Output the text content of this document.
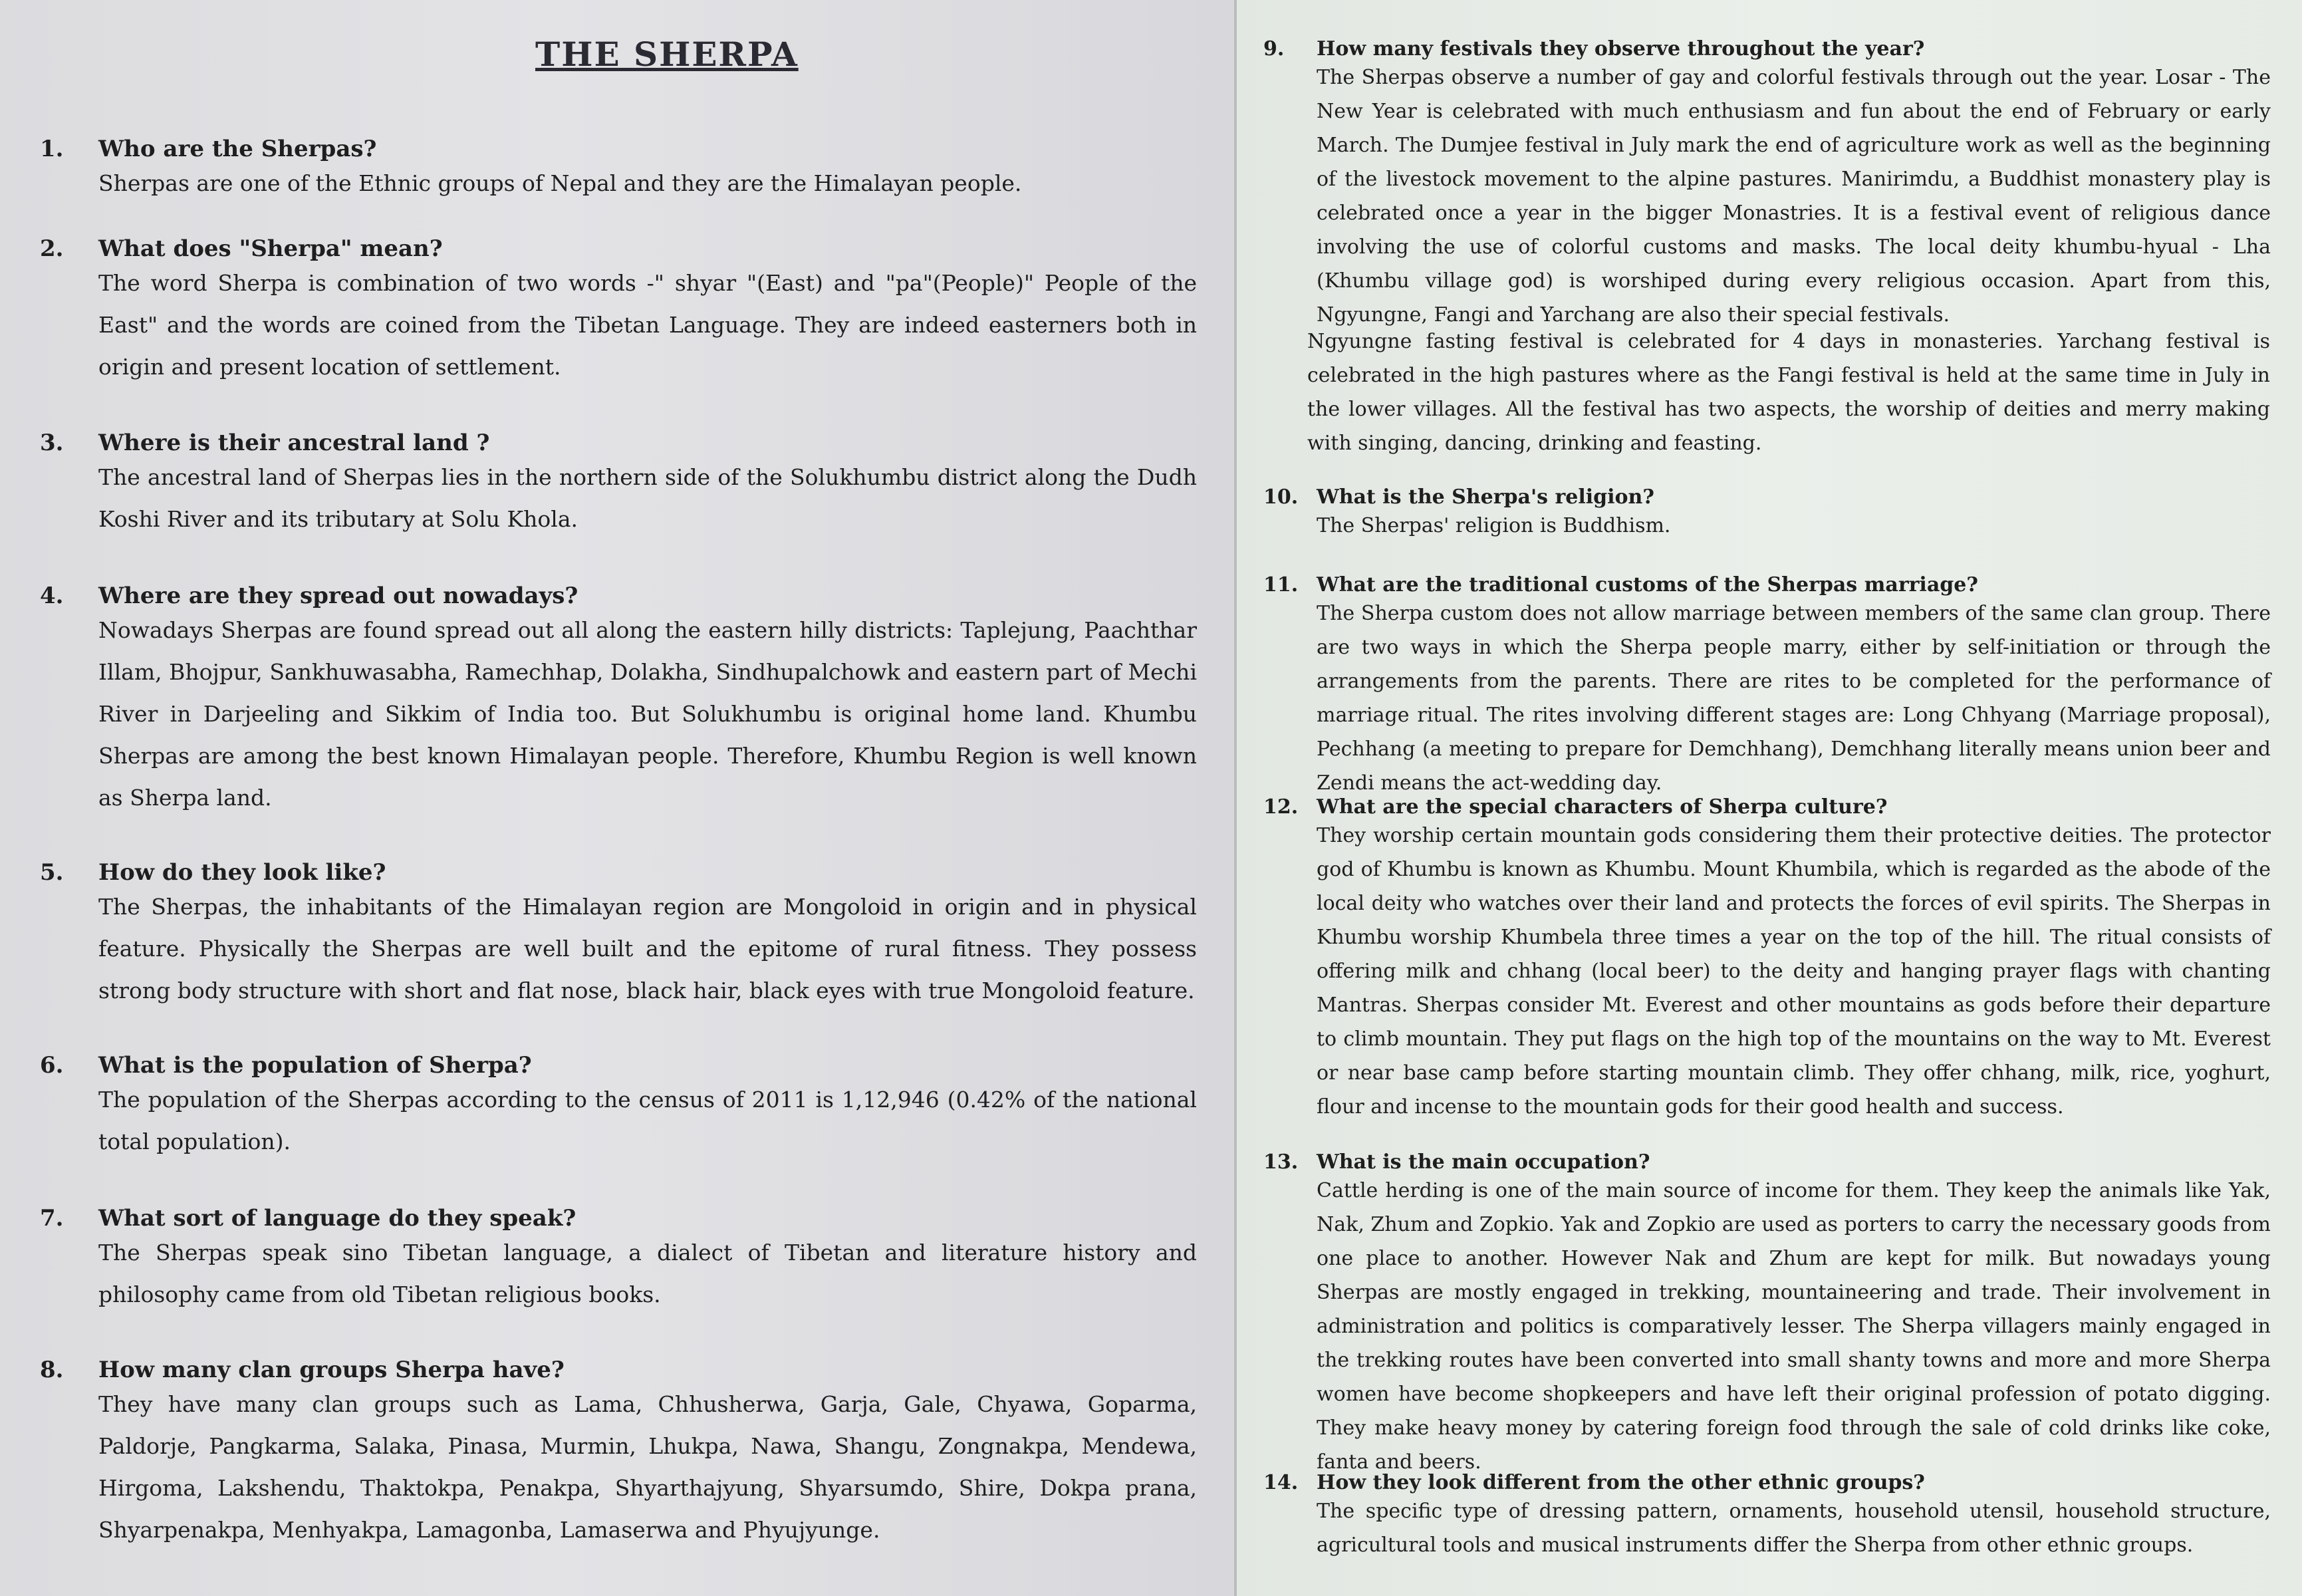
THE SHERPA
1.	Who are the Sherpas?
Sherpas are one of the Ethnic groups of Nepal and they are the Himalayan people.
2.	What does "Sherpa" mean?
The word Sherpa is combination of two words -" shyar "(East) and "pa"(People)" People of the East" and the words are coined from the Tibetan Language. They are indeed easterners both in origin and present location of settlement.
3.	Where is their ancestral land ?
The ancestral land of Sherpas lies in the northern side of the Solukhumbu district along the Dudh Koshi River and its tributary at Solu Khola.
4.	Where are they spread out nowadays?
Nowadays Sherpas are found spread out all along the eastern hilly districts: Taplejung, Paachthar Illam, Bhojpur, Sankhuwasabha, Ramechhap, Dolakha, Sindhupalchowk and eastern part of Mechi River in Darjeeling and Sikkim of India too. But Solukhumbu is original home land. Khumbu Sherpas are among the best known Himalayan people. Therefore, Khumbu Region is well known as Sherpa land.
5.	How do they look like?
The Sherpas, the inhabitants of the Himalayan region are Mongoloid in origin and in physical feature. Physically the Sherpas are well built and the epitome of rural fitness. They possess strong body structure with short and flat nose, black hair, black eyes with true Mongoloid feature.
6.	What is the population of Sherpa?
The population of the Sherpas according to the census of 2011 is 1,12,946 (0.42% of the national total population).
7.	What sort of language do they speak?
The Sherpas speak sino Tibetan language, a dialect of Tibetan and literature history and philosophy came from old Tibetan religious books.
8.	How many clan groups Sherpa have?
They have many clan groups such as Lama, Chhusherwa, Garja, Gale, Chyawa, Goparma, Paldorje, Pangkarma, Salaka, Pinasa, Murmin, Lhukpa, Nawa, Shangu, Zongnakpa, Mendewa, Hirgoma, Lakshendu, Thaktokpa, Penakpa, Shyarthajyung, Shyarsumdo, Shire, Dokpa prana, Shyarpenakpa, Menhyakpa, Lamagonba, Lamaserwa and Phyujyunge.
9.	How many festivals they observe throughout the year?
The Sherpas observe a number of gay and colorful festivals through out the year. Losar - The New Year is celebrated with much enthusiasm and fun about the end of February or early March. The Dumjee festival in July mark the end of agriculture work as well as the beginning of the livestock movement to the alpine pastures. Manirimdu, a Buddhist monastery play is celebrated once a year in the bigger Monastries. It is a festival event of religious dance involving the use of colorful customs and masks. The local deity khumbu-hyual - Lha (Khumbu village god) is worshiped during every religious occasion. Apart from this, Ngyungne, Fangi and Yarchang are also their special festivals.
Ngyungne fasting festival is celebrated for 4 days in monasteries. Yarchang festival is celebrated in the high pastures where as the Fangi festival is held at the same time in July in the lower villages. All the festival has two aspects, the worship of deities and merry making with singing, dancing, drinking and feasting.
10. What is the Sherpa's religion?
The Sherpas' religion is Buddhism.
11. What are the traditional customs of the Sherpas marriage?
The Sherpa custom does not allow marriage between members of the same clan group. There are two ways in which the Sherpa people marry, either by self-initiation or through the arrangements from the parents. There are rites to be completed for the performance of marriage ritual. The rites involving different stages are: Long Chhyang (Marriage proposal), Pechhang (a meeting to prepare for Demchhang), Demchhang literally means union beer and Zendi means the act-wedding day.
12. What are the special characters of Sherpa culture?
They worship certain mountain gods considering them their protective deities. The protector god of Khumbu is known as Khumbu. Mount Khumbila, which is regarded as the abode of the local deity who watches over their land and protects the forces of evil spirits. The Sherpas in Khumbu worship Khumbela three times a year on the top of the hill. The ritual consists of offering milk and chhang (local beer) to the deity and hanging prayer flags with chanting Mantras. Sherpas consider Mt. Everest and other mountains as gods before their departure to climb mountain. They put flags on the high top of the mountains on the way to Mt. Everest or near base camp before starting mountain climb. They offer chhang, milk, rice, yoghurt, flour and incense to the mountain gods for their good health and success.
13. What is the main occupation?
Cattle herding is one of the main source of income for them. They keep the animals like Yak, Nak, Zhum and Zopkio. Yak and Zopkio are used as porters to carry the necessary goods from one place to another. However Nak and Zhum are kept for milk. But nowadays young Sherpas are mostly engaged in trekking, mountaineering and trade. Their involvement in administration and politics is comparatively lesser. The Sherpa villagers mainly engaged in the trekking routes have been converted into small shanty towns and more and more Sherpa women have become shopkeepers and have left their original profession of potato digging. They make heavy money by catering foreign food through the sale of cold drinks like coke, fanta and beers.
14. How they look different from the other ethnic groups?
The specific type of dressing pattern, ornaments, household utensil, household structure, agricultural tools and musical instruments differ the Sherpa from other ethnic groups.
